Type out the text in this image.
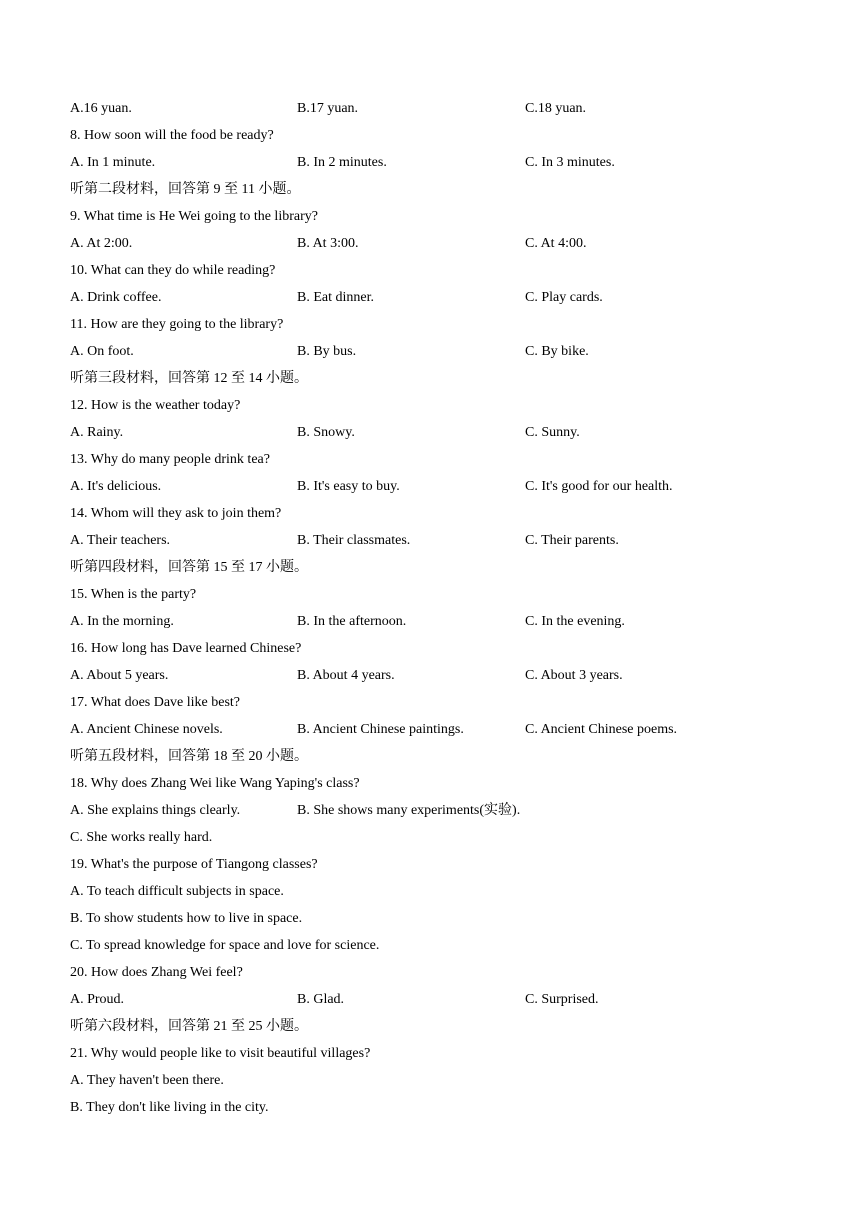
A.16 yuan.	B.17 yuan.	C.18 yuan.
8. How soon will the food be ready?
A. In 1 minute.	B. In 2 minutes.	C. In 3 minutes.
听第二段材料，回答第 9 至 11 小题。
9. What time is He Wei going to the library?
A. At 2:00.	B. At 3:00.	C. At 4:00.
10. What can they do while reading?
A. Drink coffee.	B. Eat dinner.	C. Play cards.
11. How are they going to the library?
A. On foot.	B. By bus.	C. By bike.
听第三段材料，回答第 12 至 14 小题。
12. How is the weather today?
A. Rainy.	B. Snowy.	C. Sunny.
13. Why do many people drink tea?
A. It's delicious.	B. It's easy to buy.	C. It's good for our health.
14. Whom will they ask to join them?
A. Their teachers.	B. Their classmates.	C. Their parents.
听第四段材料，回答第 15 至 17 小题。
15. When is the party?
A. In the morning.	B. In the afternoon.	C. In the evening.
16. How long has Dave learned Chinese?
A. About 5 years.	B. About 4 years.	C. About 3 years.
17. What does Dave like best?
A. Ancient Chinese novels.	B. Ancient Chinese paintings.	C. Ancient Chinese poems.
听第五段材料，回答第 18 至 20 小题。
18. Why does Zhang Wei like Wang Yaping's class?
A. She explains things clearly.	B. She shows many experiments(实验).
C. She works really hard.
19. What's the purpose of Tiangong classes?
A. To teach difficult subjects in space.
B. To show students how to live in space.
C. To spread knowledge for space and love for science.
20. How does Zhang Wei feel?
A. Proud.	B. Glad.	C. Surprised.
听第六段材料，回答第 21 至 25 小题。
21. Why would people like to visit beautiful villages?
A. They haven't been there.
B. They don't like living in the city.
